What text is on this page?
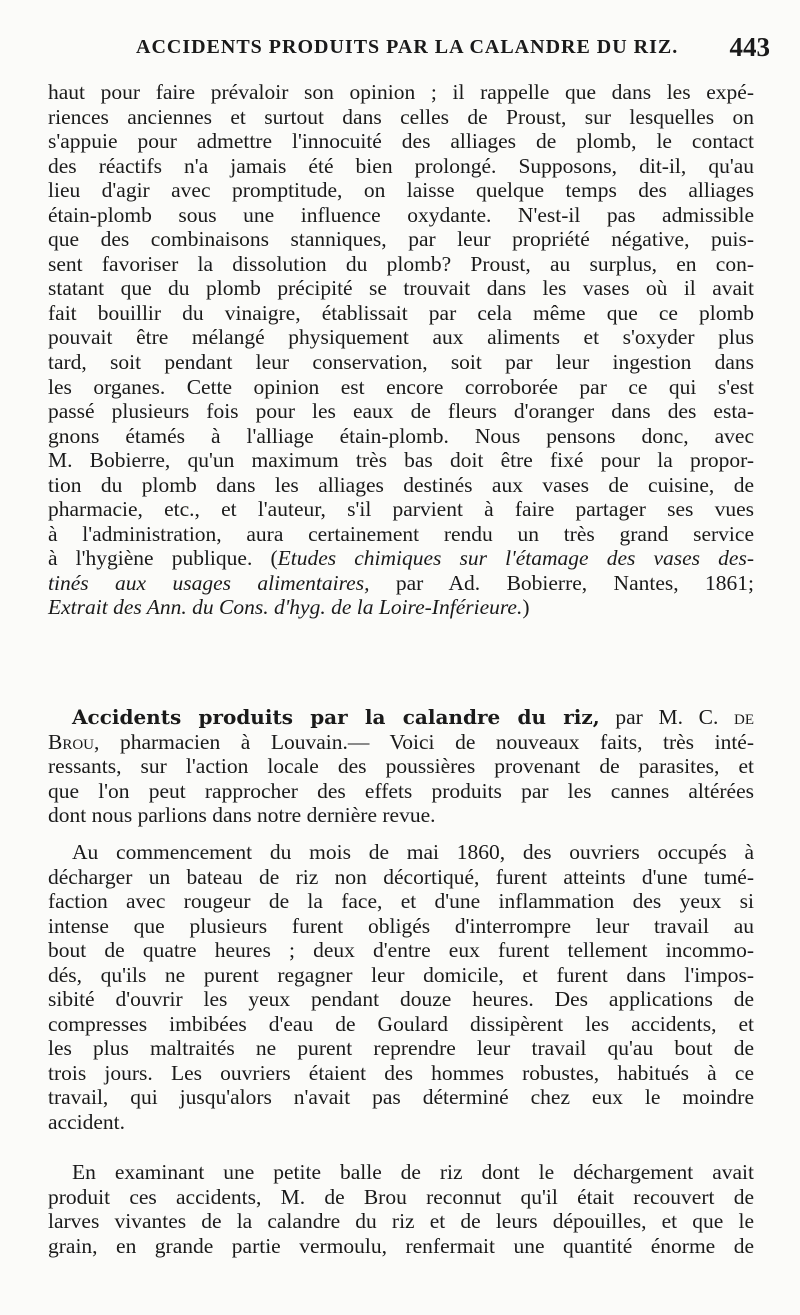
ACCIDENTS PRODUITS PAR LA CALANDRE DU RIZ. 443
haut pour faire prévaloir son opinion ; il rappelle que dans les expé-
riences anciennes et surtout dans celles de Proust, sur lesquelles on
s'appuie pour admettre l'innocuité des alliages de plomb, le contact
des réactifs n'a jamais été bien prolongé. Supposons, dit-il, qu'au
lieu d'agir avec promptitude, on laisse quelque temps des alliages
étain-plomb sous une influence oxydante. N'est-il pas admissible
que des combinaisons stanniques, par leur propriété négative, puis-
sent favoriser la dissolution du plomb? Proust, au surplus, en con-
statant que du plomb précipité se trouvait dans les vases où il avait
fait bouillir du vinaigre, établissait par cela même que ce plomb
pouvait être mélangé physiquement aux aliments et s'oxyder plus
tard, soit pendant leur conservation, soit par leur ingestion dans
les organes. Cette opinion est encore corroborée par ce qui s'est
passé plusieurs fois pour les eaux de fleurs d'oranger dans des esta-
gnons étamés à l'alliage étain-plomb. Nous pensons donc, avec
M. Bobierre, qu'un maximum très bas doit être fixé pour la propor-
tion du plomb dans les alliages destinés aux vases de cuisine, de
pharmacie, etc., et l'auteur, s'il parvient à faire partager ses vues
à l'administration, aura certainement rendu un très grand service
à l'hygiène publique. (Etudes chimiques sur l'étamage des vases des-
tinés aux usages alimentaires, par Ad. Bobierre, Nantes, 1861;
Extrait des Ann. du Cons. d'hyg. de la Loire-Inférieure.)
Accidents produits par la calandre du riz, par M. C. de
Brou, pharmacien à Louvain.— Voici de nouveaux faits, très inté-
ressants, sur l'action locale des poussières provenant de parasites, et
que l'on peut rapprocher des effets produits par les cannes altérées
dont nous parlions dans notre dernière revue.
Au commencement du mois de mai 1860, des ouvriers occupés à
décharger un bateau de riz non décortiqué, furent atteints d'une tumé-
faction avec rougeur de la face, et d'une inflammation des yeux si
intense que plusieurs furent obligés d'interrompre leur travail au
bout de quatre heures ; deux d'entre eux furent tellement incommo-
dés, qu'ils ne purent regagner leur domicile, et furent dans l'impos-
sibité d'ouvrir les yeux pendant douze heures. Des applications de
compresses imbibées d'eau de Goulard dissipèrent les accidents, et
les plus maltraités ne purent reprendre leur travail qu'au bout de
trois jours. Les ouvriers étaient des hommes robustes, habitués à ce
travail, qui jusqu'alors n'avait pas déterminé chez eux le moindre
accident.
En examinant une petite balle de riz dont le déchargement avait
produit ces accidents, M. de Brou reconnut qu'il était recouvert de
larves vivantes de la calandre du riz et de leurs dépouilles, et que le
grain, en grande partie vermoulu, renfermait une quantité énorme de
